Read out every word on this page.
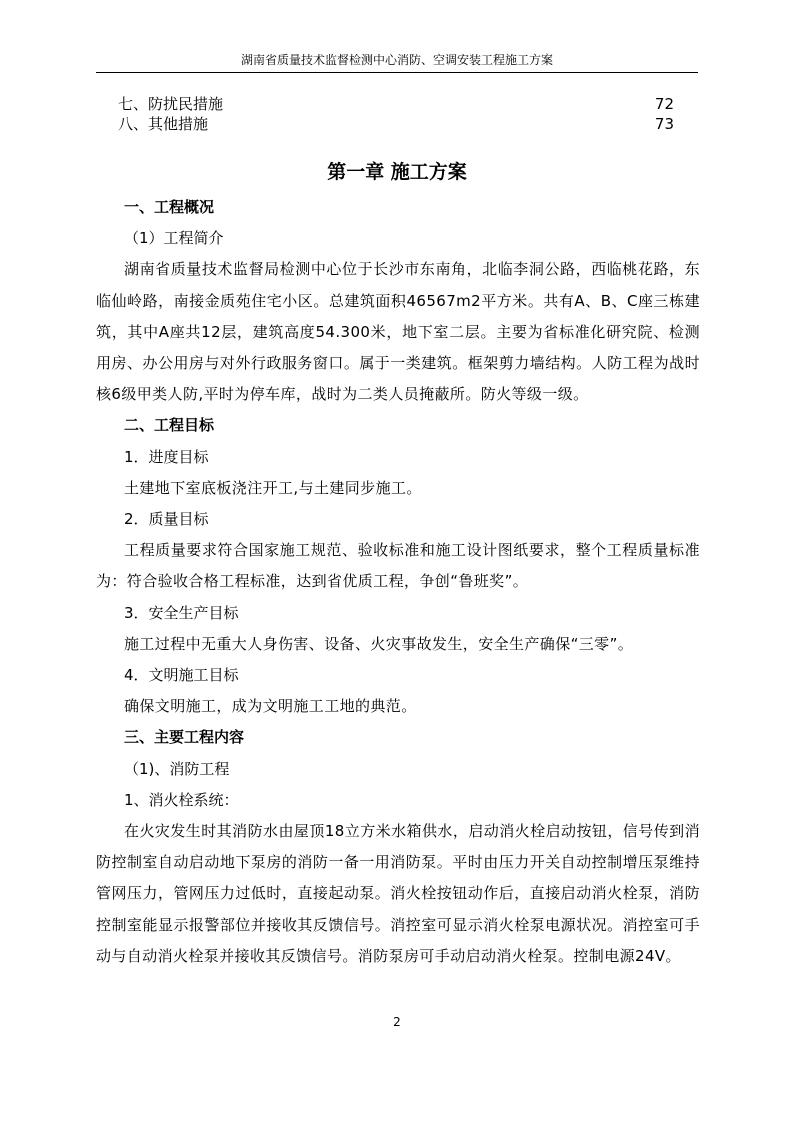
湖南省质量技术监督检测中心消防、空调安装工程施工方案
七、防扰民措施	72
八、其他措施	73
第一章 施工方案

一、工程概况

（1）工程简介

湖南省质量技术监督局检测中心位于长沙市东南角，北临李洞公路，西临桃花路，东临仙岭路，南接金质苑住宅小区。总建筑面积46567m2平方米。共有A、B、C座三栋建筑，其中A座共12层，建筑高度54.300米，地下室二层。主要为省标准化研究院、检测用房、办公用房与对外行政服务窗口。属于一类建筑。框架剪力墙结构。人防工程为战时核6级甲类人防,平时为停车库，战时为二类人员掩蔽所。防火等级一级。

二、工程目标

1．进度目标

土建地下室底板浇注开工,与土建同步施工。

2．质量目标

工程质量要求符合国家施工规范、验收标准和施工设计图纸要求，整个工程质量标准为：符合验收合格工程标准，达到省优质工程，争创“鲁班奖”。

3．安全生产目标

施工过程中无重大人身伤害、设备、火灾事故发生，安全生产确保“三零”。

4．文明施工目标

确保文明施工，成为文明施工工地的典范。

三、主要工程内容

（1)、消防工程

1、消火栓系统：

在火灾发生时其消防水由屋顶18立方米水箱供水，启动消火栓启动按钮，信号传到消防控制室自动启动地下泵房的消防一备一用消防泵。平时由压力开关自动控制增压泵维持管网压力，管网压力过低时，直接起动泵。消火栓按钮动作后，直接启动消火栓泵，消防控制室能显示报警部位并接收其反馈信号。消控室可显示消火栓泵电源状况。消控室可手动与自动消火栓泵并接收其反馈信号。消防泵房可手动启动消火栓泵。控制电源24V。

2
